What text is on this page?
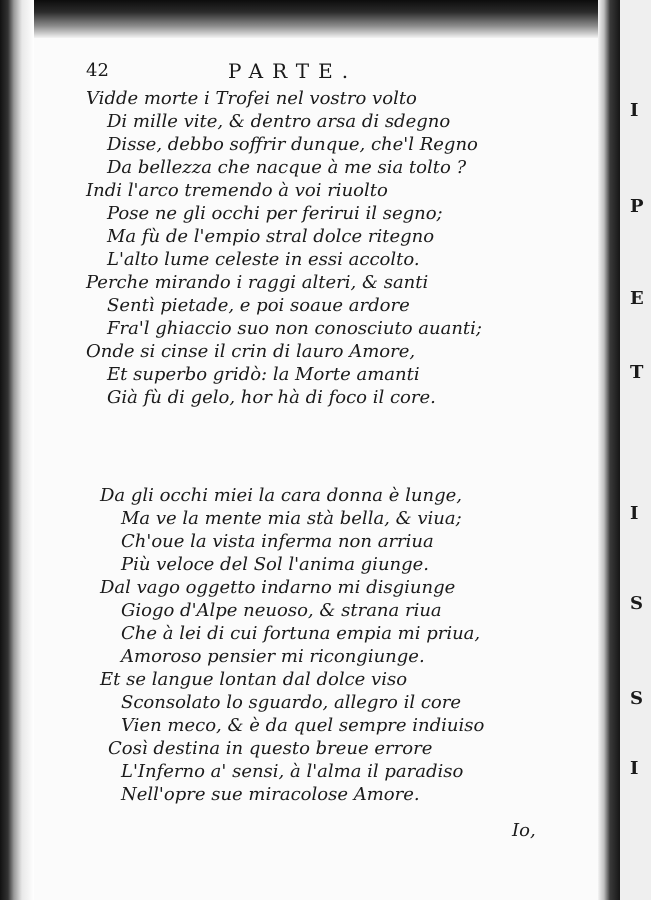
42	PARTE.
Vidde morte i Trofei nel vostro volto
Di mille vite, & dentro arsa di sdegno
Disse, debbo soffrir dunque, che'l Regno
Da bellezza che nacque à me sia tolto ?
Indi l'arco tremendo à voi riuolto
Pose ne gli occhi per ferirui il segno;
Ma fù de l'empio stral dolce ritegno
L'alto lume celeste in essi accolto.
Perche mirando i raggi alteri, & santi
Sentì pietade, e poi soaue ardore
Fra'l ghiaccio suo non conosciuto auanti;
Onde si cinse il crin di lauro Amore,
Et superbo gridò: la Morte amanti
Già fù di gelo, hor hà di foco il core.
Da gli occhi miei la cara donna è lunge,
Ma ve la mente mia stà bella, & viua;
Ch'oue la vista inferma non arriua
Più veloce del Sol l'anima giunge.
Dal vago oggetto indarno mi disgiunge
Giogo d'Alpe neuoso, & strana riua
Che à lei di cui fortuna empia mi priua,
Amoroso pensier mi ricongiunge.
Et se langue lontan dal dolce viso
Sconsolato lo sguardo, allegro il core
Vien meco, & è da quel sempre indiuiso
Così destina in questo breue errore
L'Inferno a' sensi, à l'alma il paradiso
Nell'opre sue miracolose Amore.
Io,
I
P
E
T
I
S
S
I
